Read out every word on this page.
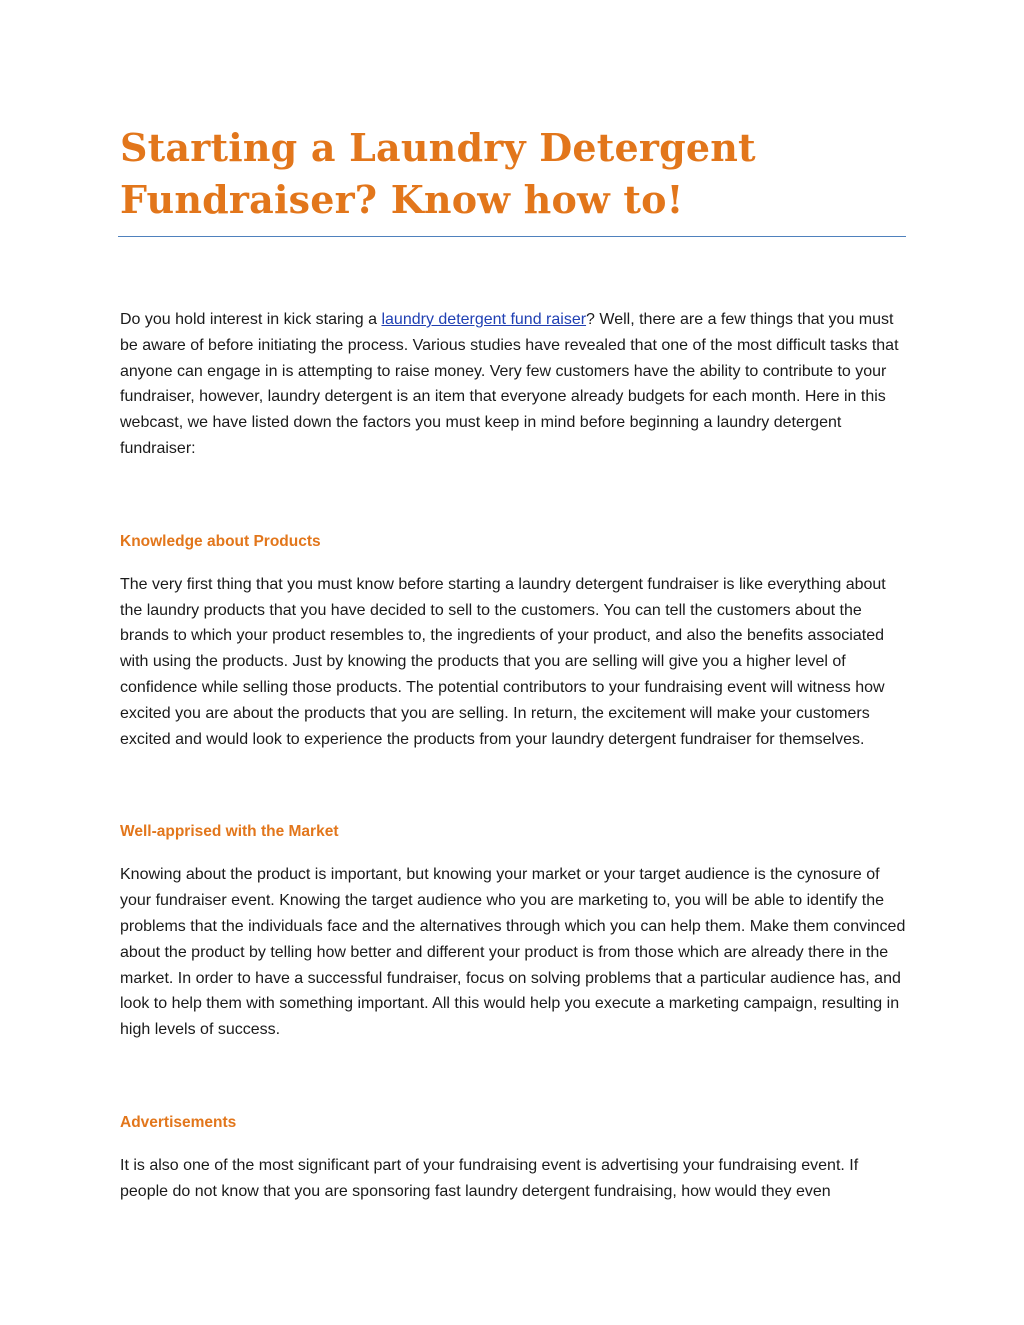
Starting a Laundry Detergent Fundraiser? Know how to!

Do you hold interest in kick staring a laundry detergent fund raiser? Well, there are a few things that you must be aware of before initiating the process. Various studies have revealed that one of the most difficult tasks that anyone can engage in is attempting to raise money. Very few customers have the ability to contribute to your fundraiser, however, laundry detergent is an item that everyone already budgets for each month. Here in this webcast, we have listed down the factors you must keep in mind before beginning a laundry detergent fundraiser:

Knowledge about Products

The very first thing that you must know before starting a laundry detergent fundraiser is like everything about the laundry products that you have decided to sell to the customers. You can tell the customers about the brands to which your product resembles to, the ingredients of your product, and also the benefits associated with using the products. Just by knowing the products that you are selling will give you a higher level of confidence while selling those products. The potential contributors to your fundraising event will witness how excited you are about the products that you are selling. In return, the excitement will make your customers excited and would look to experience the products from your laundry detergent fundraiser for themselves.

Well-apprised with the Market

Knowing about the product is important, but knowing your market or your target audience is the cynosure of your fundraiser event. Knowing the target audience who you are marketing to, you will be able to identify the problems that the individuals face and the alternatives through which you can help them. Make them convinced about the product by telling how better and different your product is from those which are already there in the market. In order to have a successful fundraiser, focus on solving problems that a particular audience has, and look to help them with something important. All this would help you execute a marketing campaign, resulting in high levels of success.

Advertisements

It is also one of the most significant part of your fundraising event is advertising your fundraising event. If people do not know that you are sponsoring fast laundry detergent fundraising, how would they even
